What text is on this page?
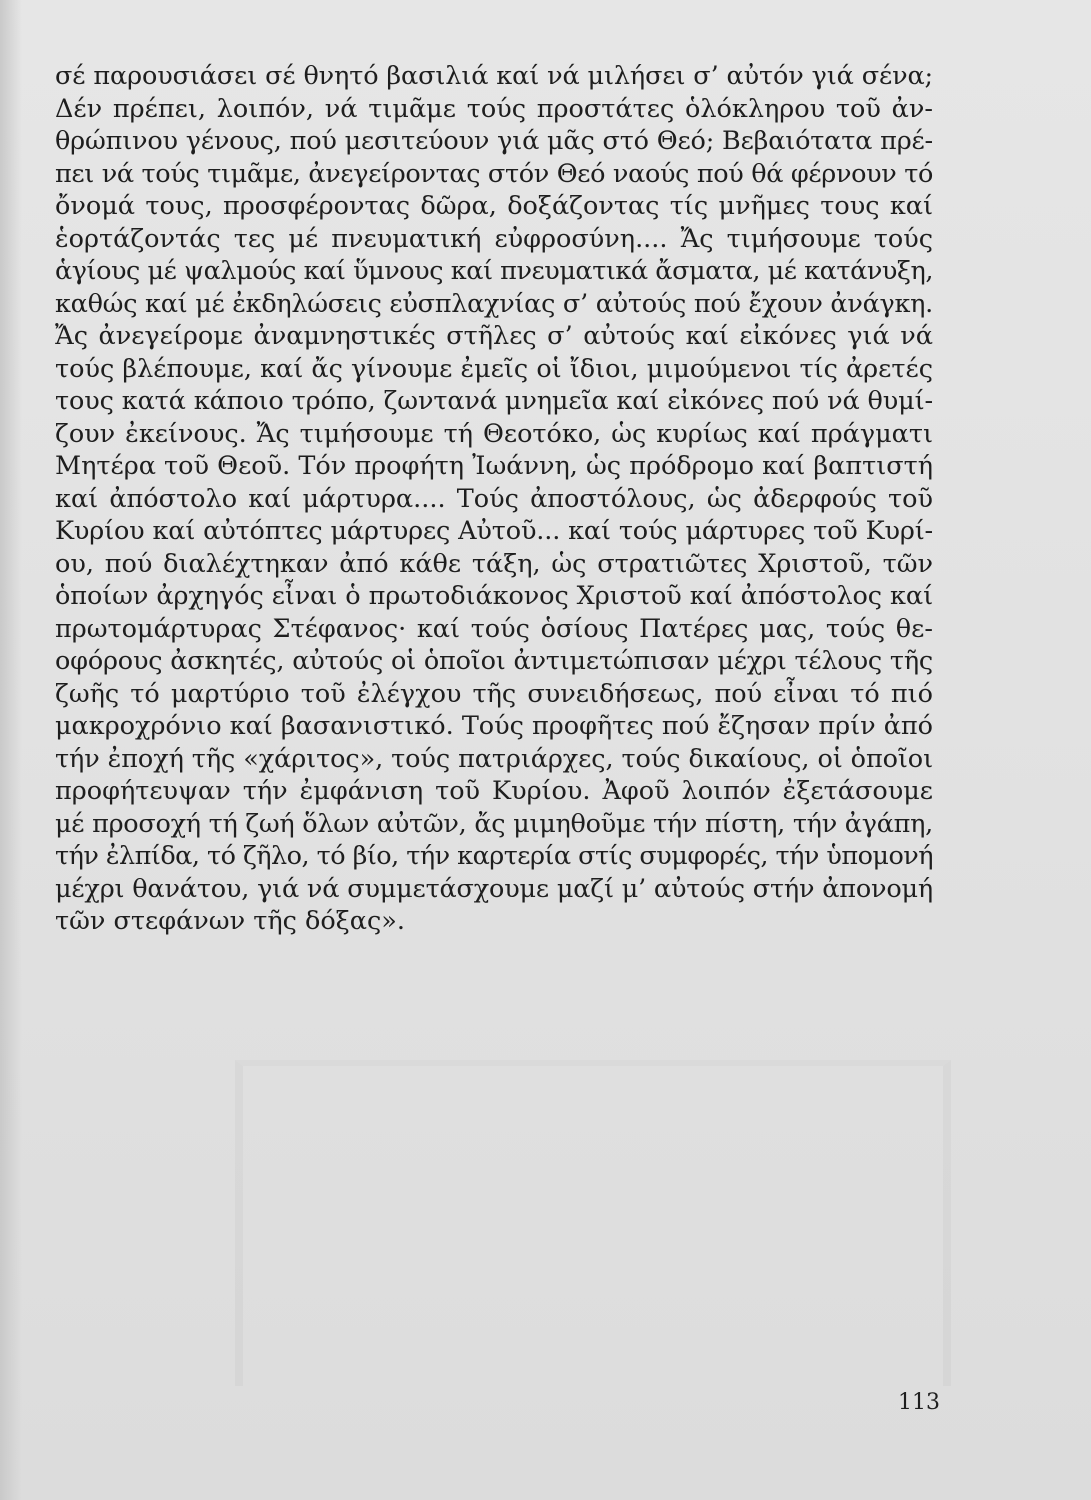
σέ παρουσιάσει σέ θνητό βασιλιά καί νά μιλήσει σ’ αὐτόν γιά σένα;
Δέν πρέπει, λοιπόν, νά τιμᾶμε τούς προστάτες ὁλόκληρου τοῦ ἀν-
θρώπινου γένους, πού μεσιτεύουν γιά μᾶς στό Θεό; Βεβαιότατα πρέ-
πει νά τούς τιμᾶμε, ἀνεγείροντας στόν Θεό ναούς πού θά φέρνουν τό
ὄνομά τους, προσφέροντας δῶρα, δοξάζοντας τίς μνῆμες τους καί
ἑορτάζοντάς τες μέ πνευματική εὐφροσύνη.... Ἄς τιμήσουμε τούς
ἁγίους μέ ψαλμούς καί ὕμνους καί πνευματικά ἄσματα, μέ κατάνυξη,
καθώς καί μέ ἐκδηλώσεις εὐσπλαχνίας σ’ αὐτούς πού ἔχουν ἀνάγκη.
Ἄς ἀνεγείρομε ἀναμνηστικές στῆλες σ’ αὐτούς καί εἰκόνες γιά νά
τούς βλέπουμε, καί ἄς γίνουμε ἐμεῖς οἱ ἴδιοι, μιμούμενοι τίς ἀρετές
τους κατά κάποιο τρόπο, ζωντανά μνημεῖα καί εἰκόνες πού νά θυμί-
ζουν ἐκείνους. Ἄς τιμήσουμε τή Θεοτόκο, ὡς κυρίως καί πράγματι
Μητέρα τοῦ Θεοῦ. Τόν προφήτη Ἰωάννη, ὡς πρόδρομο καί βαπτιστή
καί ἀπόστολο καί μάρτυρα.... Τούς ἀποστόλους, ὡς ἀδερφούς τοῦ
Κυρίου καί αὐτόπτες μάρτυρες Αὐτοῦ... καί τούς μάρτυρες τοῦ Κυρί-
ου, πού διαλέχτηκαν ἀπό κάθε τάξη, ὡς στρατιῶτες Χριστοῦ, τῶν
ὁποίων ἀρχηγός εἶναι ὁ πρωτοδιάκονος Χριστοῦ καί ἀπόστολος καί
πρωτομάρτυρας Στέφανος· καί τούς ὁσίους Πατέρες μας, τούς θε-
οφόρους ἀσκητές, αὐτούς οἱ ὁποῖοι ἀντιμετώπισαν μέχρι τέλους τῆς
ζωῆς τό μαρτύριο τοῦ ἐλέγχου τῆς συνειδήσεως, πού εἶναι τό πιό
μακροχρόνιο καί βασανιστικό. Τούς προφῆτες πού ἔζησαν πρίν ἀπό
τήν ἐποχή τῆς «χάριτος», τούς πατριάρχες, τούς δικαίους, οἱ ὁποῖοι
προφήτευψαν τήν ἐμφάνιση τοῦ Κυρίου. Ἀφοῦ λοιπόν ἐξετάσουμε
μέ προσοχή τή ζωή ὅλων αὐτῶν, ἄς μιμηθοῦμε τήν πίστη, τήν ἀγάπη,
τήν ἐλπίδα, τό ζῆλο, τό βίο, τήν καρτερία στίς συμφορές, τήν ὑπομονή
μέχρι θανάτου, γιά νά συμμετάσχουμε μαζί μ’ αὐτούς στήν ἀπονομή
τῶν στεφάνων τῆς δόξας».
113
